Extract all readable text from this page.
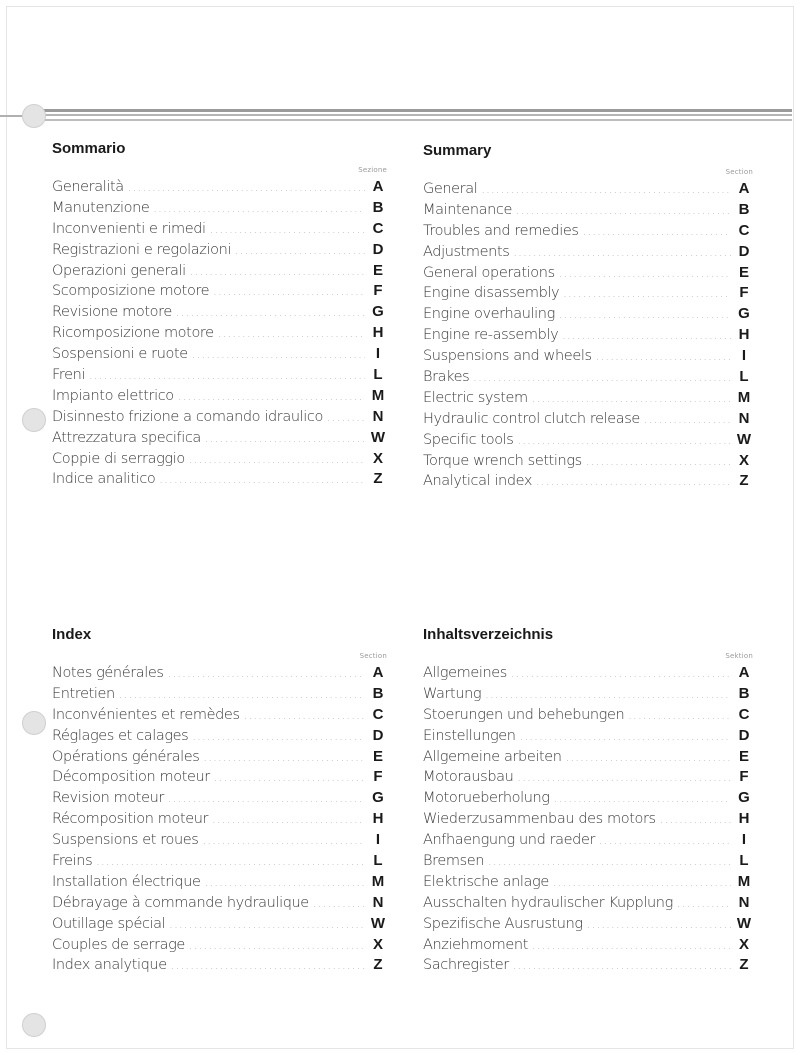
Sommario
Sezione
Generalità .....	A
Manutenzione .....	B
Inconvenienti e rimedi .....	C
Registrazioni e regolazioni .....	D
Operazioni generali .....	E
Scomposizione motore .....	F
Revisione motore .....	G
Ricomposizione motore .....	H
Sospensioni e ruote .....	I
Freni .....	L
Impianto elettrico .....	M
Disinnesto frizione a comando idraulico .....	N
Attrezzatura specifica .....	W
Coppie di serraggio .....	X
Indice analitico .....	Z
Summary
Section
General .....	A
Maintenance .....	B
Troubles and remedies .....	C
Adjustments .....	D
General operations .....	E
Engine disassembly .....	F
Engine overhauling .....	G
Engine re-assembly .....	H
Suspensions and wheels .....	I
Brakes .....	L
Electric system .....	M
Hydraulic control clutch release .....	N
Specific tools .....	W
Torque wrench settings .....	X
Analytical index .....	Z
Index
Section
Notes générales .....	A
Entretien .....	B
Inconvénientes et remèdes .....	C
Réglages et calages .....	D
Opérations générales .....	E
Décomposition moteur .....	F
Revision moteur .....	G
Récomposition moteur .....	H
Suspensions et roues .....	I
Freins .....	L
Installation électrique .....	M
Débrayage à commande hydraulique .....	N
Outillage spécial .....	W
Couples de serrage .....	X
Index analytique .....	Z
Inhaltsverzeichnis
Sektion
Allgemeines .....	A
Wartung .....	B
Stoerungen und behebungen .....	C
Einstellungen .....	D
Allgemeine arbeiten .....	E
Motorausbau .....	F
Motorueberholung .....	G
Wiederzusammenbau des motors .....	H
Anfhaengung und raeder .....	I
Bremsen .....	L
Elektrische anlage .....	M
Ausschalten hydraulischer Kupplung .....	N
Spezifische Ausrustung .....	W
Anziehmoment .....	X
Sachregister .....	Z
